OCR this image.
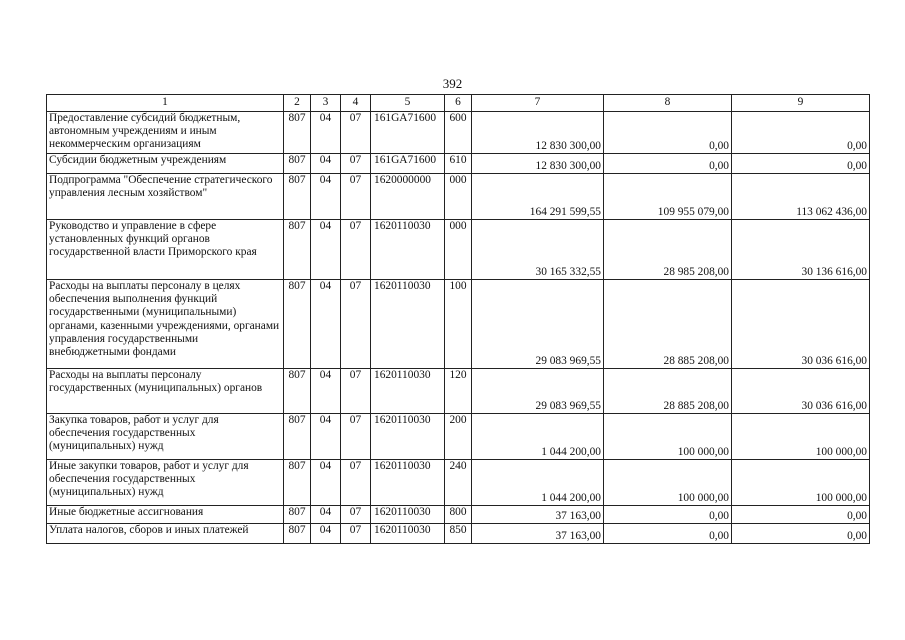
392
1	2	3	4	5	6	7	8	9
Предоставление субсидий бюджетным, автономным учреждениям и иным некоммерческим организациям	807	04	07	161GA71600	600	12 830 300,00	0,00	0,00
Субсидии бюджетным учреждениям	807	04	07	161GA71600	610	12 830 300,00	0,00	0,00
Подпрограмма "Обеспечение стратегического управления лесным хозяйством"	807	04	07	1620000000	000	164 291 599,55	109 955 079,00	113 062 436,00
Руководство и управление в сфере установленных функций органов государственной власти Приморского края	807	04	07	1620110030	000	30 165 332,55	28 985 208,00	30 136 616,00
Расходы на выплаты персоналу в целях обеспечения выполнения функций государственными (муниципальными) органами, казенными учреждениями, органами управления государственными внебюджетными фондами	807	04	07	1620110030	100	29 083 969,55	28 885 208,00	30 036 616,00
Расходы на выплаты персоналу государственных (муниципальных) органов	807	04	07	1620110030	120	29 083 969,55	28 885 208,00	30 036 616,00
Закупка товаров, работ и услуг для обеспечения государственных (муниципальных) нужд	807	04	07	1620110030	200	1 044 200,00	100 000,00	100 000,00
Иные закупки товаров, работ и услуг для обеспечения государственных (муниципальных) нужд	807	04	07	1620110030	240	1 044 200,00	100 000,00	100 000,00
Иные бюджетные ассигнования	807	04	07	1620110030	800	37 163,00	0,00	0,00
Уплата налогов, сборов и иных платежей	807	04	07	1620110030	850	37 163,00	0,00	0,00
